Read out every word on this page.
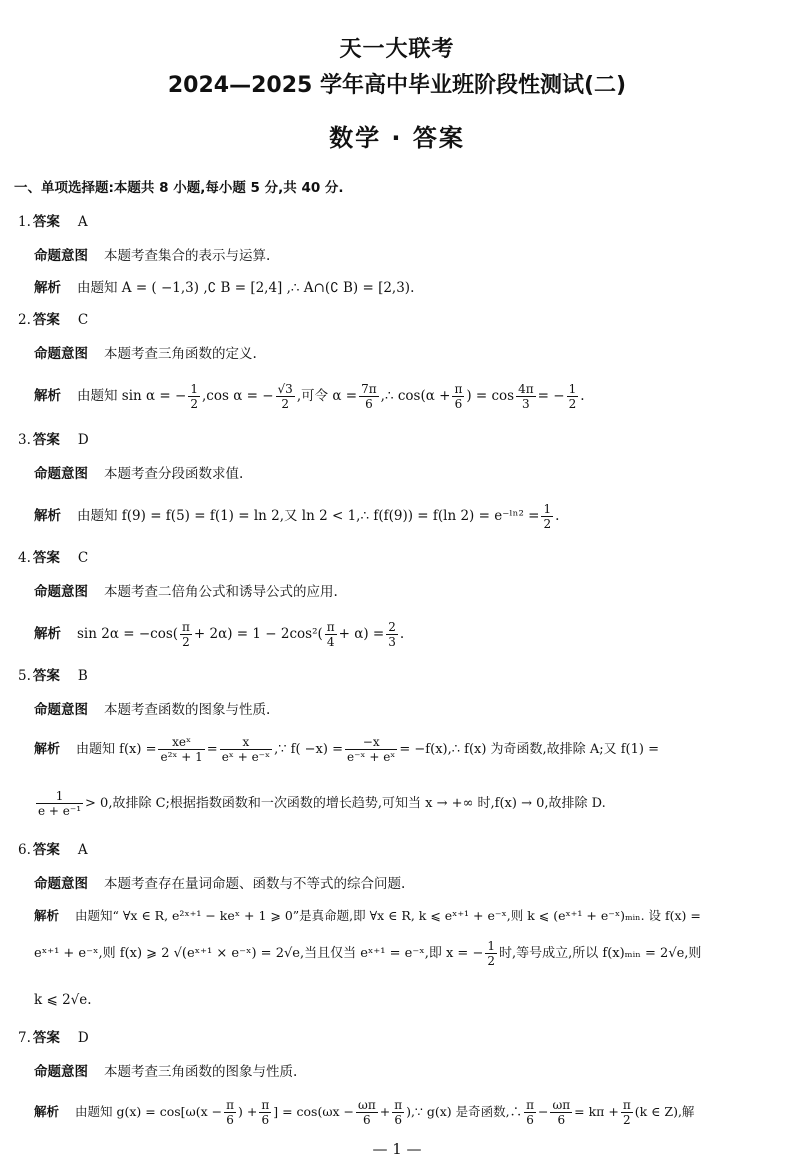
天一大联考
2024—2025 学年高中毕业班阶段性测试(二)
数学 · 答案
一、单项选择题:本题共 8 小题,每小题 5 分,共 40 分.
1. 答案 A
命题意图 本题考查集合的表示与运算.
解析 由题知 A = ( −1,3) ,∁ B = [2,4] ,∴ A∩(∁ B) = [2,3).
2. 答案 C
命题意图 本题考查三角函数的定义.
解析 由题知 sin α = − $\frac{1}{2} ,\cos$ α = − $\frac{√3}{2}$ ,可令 $\alpha = \frac{7\pi}{6}$ ,∴ $\cos(\alpha + \frac{\pi}{6}$ ) = $\cos \frac{4\pi}{3}$ = − $\frac{1}{2}$ .
3. 答案 D
命题意图 本题考查分段函数求值.
解析 由题知 f(9) = f(5) = f(1) = ln 2,又 ln 2 < 1,∴ f(f(9)) = f(ln 2) = e⁻ˡⁿ² = $\frac{1}{2}$ .
4. 答案 C
命题意图 本题考查二倍角公式和诱导公式的应用.
解析 $\sin 2\alpha = -\cos( \frac{\pi}{2} + 2\alpha) = 1 - 2\cos^2( \frac{\pi}{4} + \alpha) = \frac{2}{3}$ .
5. 答案 B
命题意图 本题考查函数的图象与性质.
解析 由题知 $f(x) = \frac{\text{xeˣ}}{\text{e²ˣ + 1}} = \frac{x}{\text{eˣ + e⁻ˣ}}$ ,∵ $f( -x) = \frac{-x}{\text{e⁻ˣ + eˣ}}$ = −f(x),∴ f(x) 为奇函数,故排除 A;又 f(1) =
$\frac{1}{\text{e + e⁻¹}} > 0$,故排除 C;根据指数函数和一次函数的增长趋势,可知当 x → +∞ 时,f(x) → 0,故排除 D.
6. 答案 A
命题意图 本题考查存在量词命题、函数与不等式的综合问题.
解析 由题知“ ∀x ∈ R, e²ˣ⁺¹ − keˣ + 1 ⩾ 0”是真命题,即 ∀x ∈ R, k ⩽ eˣ⁺¹ + e⁻ˣ,则 k ⩽ (eˣ⁺¹ + e⁻ˣ)ₘᵢₙ. 设 f(x) =
eˣ⁺¹ + e⁻ˣ,则 f(x) ⩾ 2 √(eˣ⁺¹ × e⁻ˣ) = 2√e,当且仅当 eˣ⁺¹ = e⁻ˣ,即 x = − $\frac{1}{2}$ 时,等号成立,所以 f(x)ₘᵢₙ = 2√e,则
k ⩽ 2√e.
7. 答案 D
命题意图 本题考查三角函数的图象与性质.
解析 由题知 $g(x) = \cos[\omega(x - \frac{\pi}{6}$ ) + $\frac{\pi}{6}$ ] = $\cos(\omega x - \frac{\omega\pi}{6} + \frac{\pi}{6}$ ),∵ g(x) 是奇函数,∴ $\frac{\pi}{6} - \frac{\omega\pi}{6} = k\pi + \frac{\pi}{2} (k$ ∈ Z),解
— 1 —
